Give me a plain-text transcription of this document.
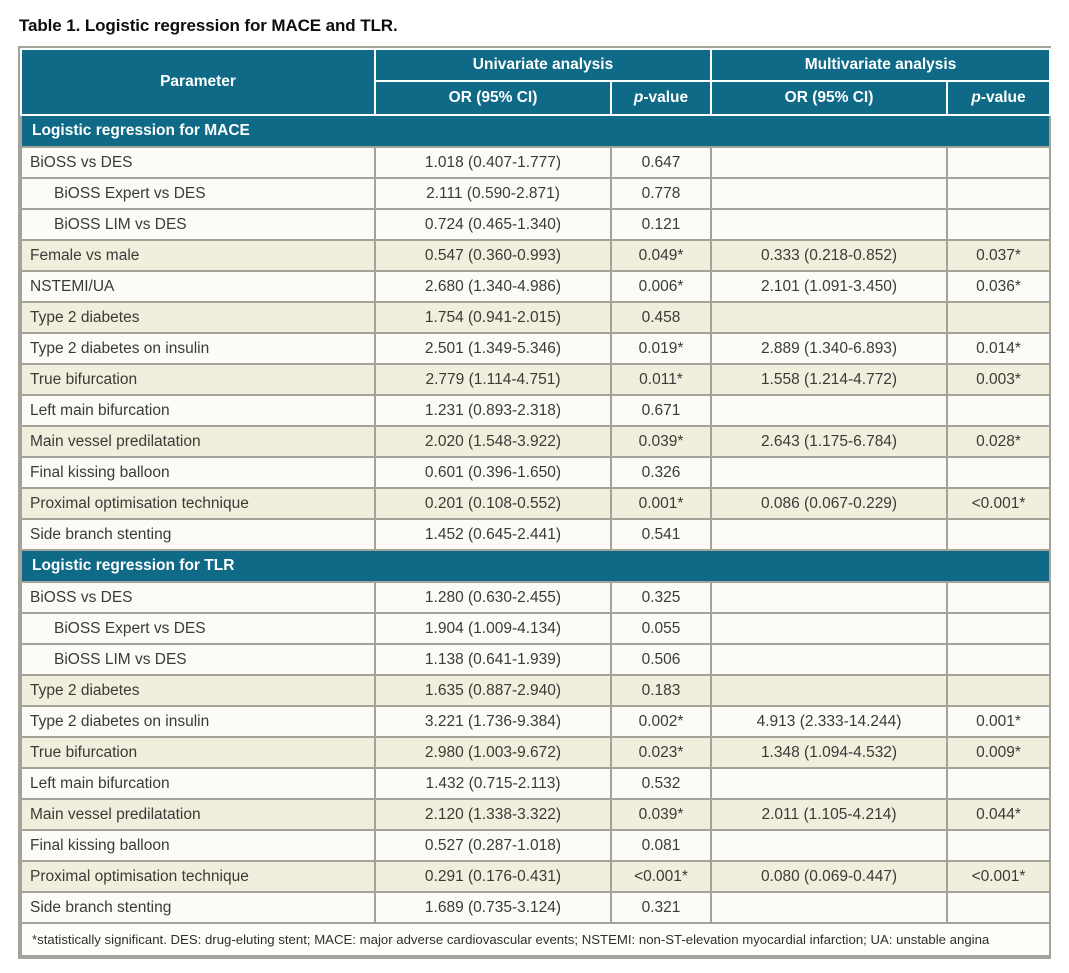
Table 1. Logistic regression for MACE and TLR.
Parameter	Univariate analysis		Multivariate analysis	
	OR (95% CI)	p-value	OR (95% CI)	p-value
Logistic regression for MACE				
BiOSS vs DES	1.018 (0.407-1.777)	0.647		
BiOSS Expert vs DES	2.111 (0.590-2.871)	0.778		
BiOSS LIM vs DES	0.724 (0.465-1.340)	0.121		
Female vs male	0.547 (0.360-0.993)	0.049*	0.333 (0.218-0.852)	0.037*
NSTEMI/UA	2.680 (1.340-4.986)	0.006*	2.101 (1.091-3.450)	0.036*
Type 2 diabetes	1.754 (0.941-2.015)	0.458		
Type 2 diabetes on insulin	2.501 (1.349-5.346)	0.019*	2.889 (1.340-6.893)	0.014*
True bifurcation	2.779 (1.114-4.751)	0.011*	1.558 (1.214-4.772)	0.003*
Left main bifurcation	1.231 (0.893-2.318)	0.671		
Main vessel predilatation	2.020 (1.548-3.922)	0.039*	2.643 (1.175-6.784)	0.028*
Final kissing balloon	0.601 (0.396-1.650)	0.326		
Proximal optimisation technique	0.201 (0.108-0.552)	0.001*	0.086 (0.067-0.229)	<0.001*
Side branch stenting	1.452 (0.645-2.441)	0.541		
Logistic regression for TLR				
BiOSS vs DES	1.280 (0.630-2.455)	0.325		
BiOSS Expert vs DES	1.904 (1.009-4.134)	0.055		
BiOSS LIM vs DES	1.138 (0.641-1.939)	0.506		
Type 2 diabetes	1.635 (0.887-2.940)	0.183		
Type 2 diabetes on insulin	3.221 (1.736-9.384)	0.002*	4.913 (2.333-14.244)	0.001*
True bifurcation	2.980 (1.003-9.672)	0.023*	1.348 (1.094-4.532)	0.009*
Left main bifurcation	1.432 (0.715-2.113)	0.532		
Main vessel predilatation	2.120 (1.338-3.322)	0.039*	2.011 (1.105-4.214)	0.044*
Final kissing balloon	0.527 (0.287-1.018)	0.081		
Proximal optimisation technique	0.291 (0.176-0.431)	<0.001*	0.080 (0.069-0.447)	<0.001*
Side branch stenting	1.689 (0.735-3.124)	0.321		
*statistically significant. DES: drug-eluting stent; MACE: major adverse cardiovascular events; NSTEMI: non-ST-elevation myocardial infarction; UA: unstable angina				
